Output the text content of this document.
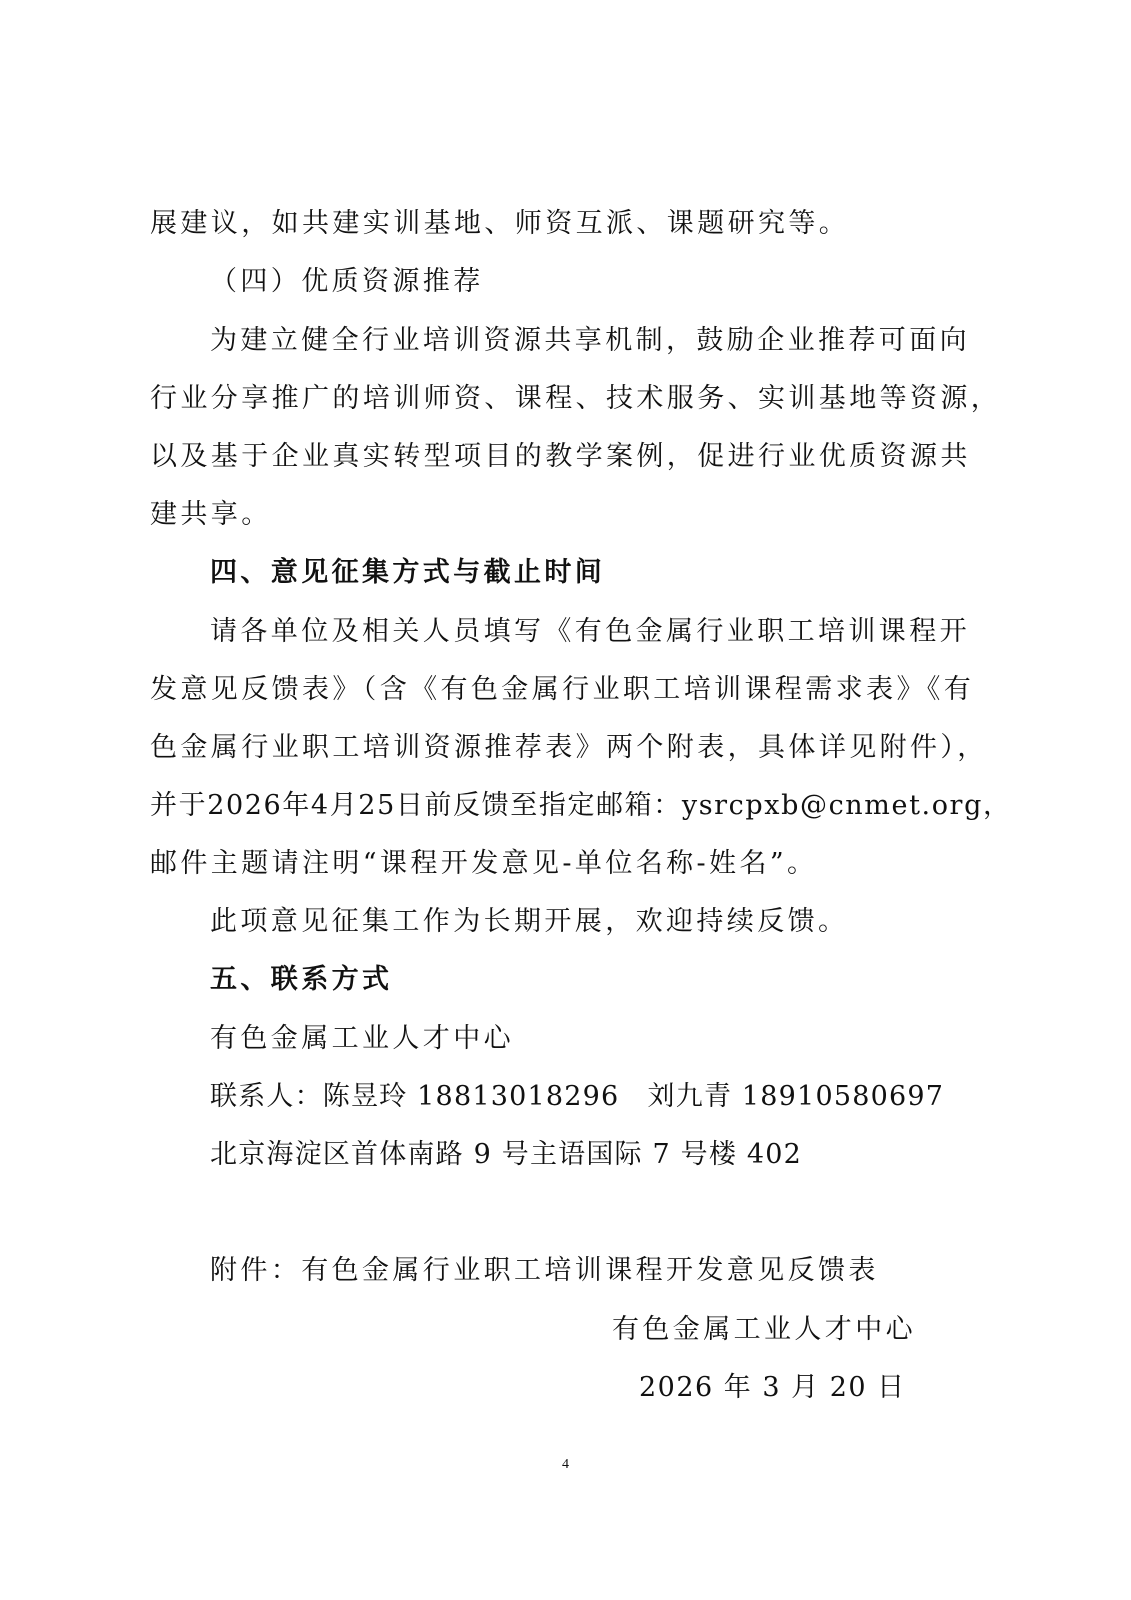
展建议，如共建实训基地、师资互派、课题研究等。
（四）优质资源推荐
为建立健全行业培训资源共享机制，鼓励企业推荐可面向
行业分享推广的培训师资、课程、技术服务、实训基地等资源，
以及基于企业真实转型项目的教学案例，促进行业优质资源共
建共享。
四、意见征集方式与截止时间
请各单位及相关人员填写《有色金属行业职工培训课程开
发意见反馈表》（含《有色金属行业职工培训课程需求表》《有
色金属行业职工培训资源推荐表》两个附表，具体详见附件），
并于2026年4月25日前反馈至指定邮箱：ysrcpxb@cnmet.org，
邮件主题请注明“课程开发意见-单位名称-姓名”。
此项意见征集工作为长期开展，欢迎持续反馈。
五、联系方式
有色金属工业人才中心
联系人：陈昱玲 18813018296　刘九青 18910580697
北京海淀区首体南路 9 号主语国际 7 号楼 402
附件：有色金属行业职工培训课程开发意见反馈表
有色金属工业人才中心
2026 年 3 月 20 日
4
